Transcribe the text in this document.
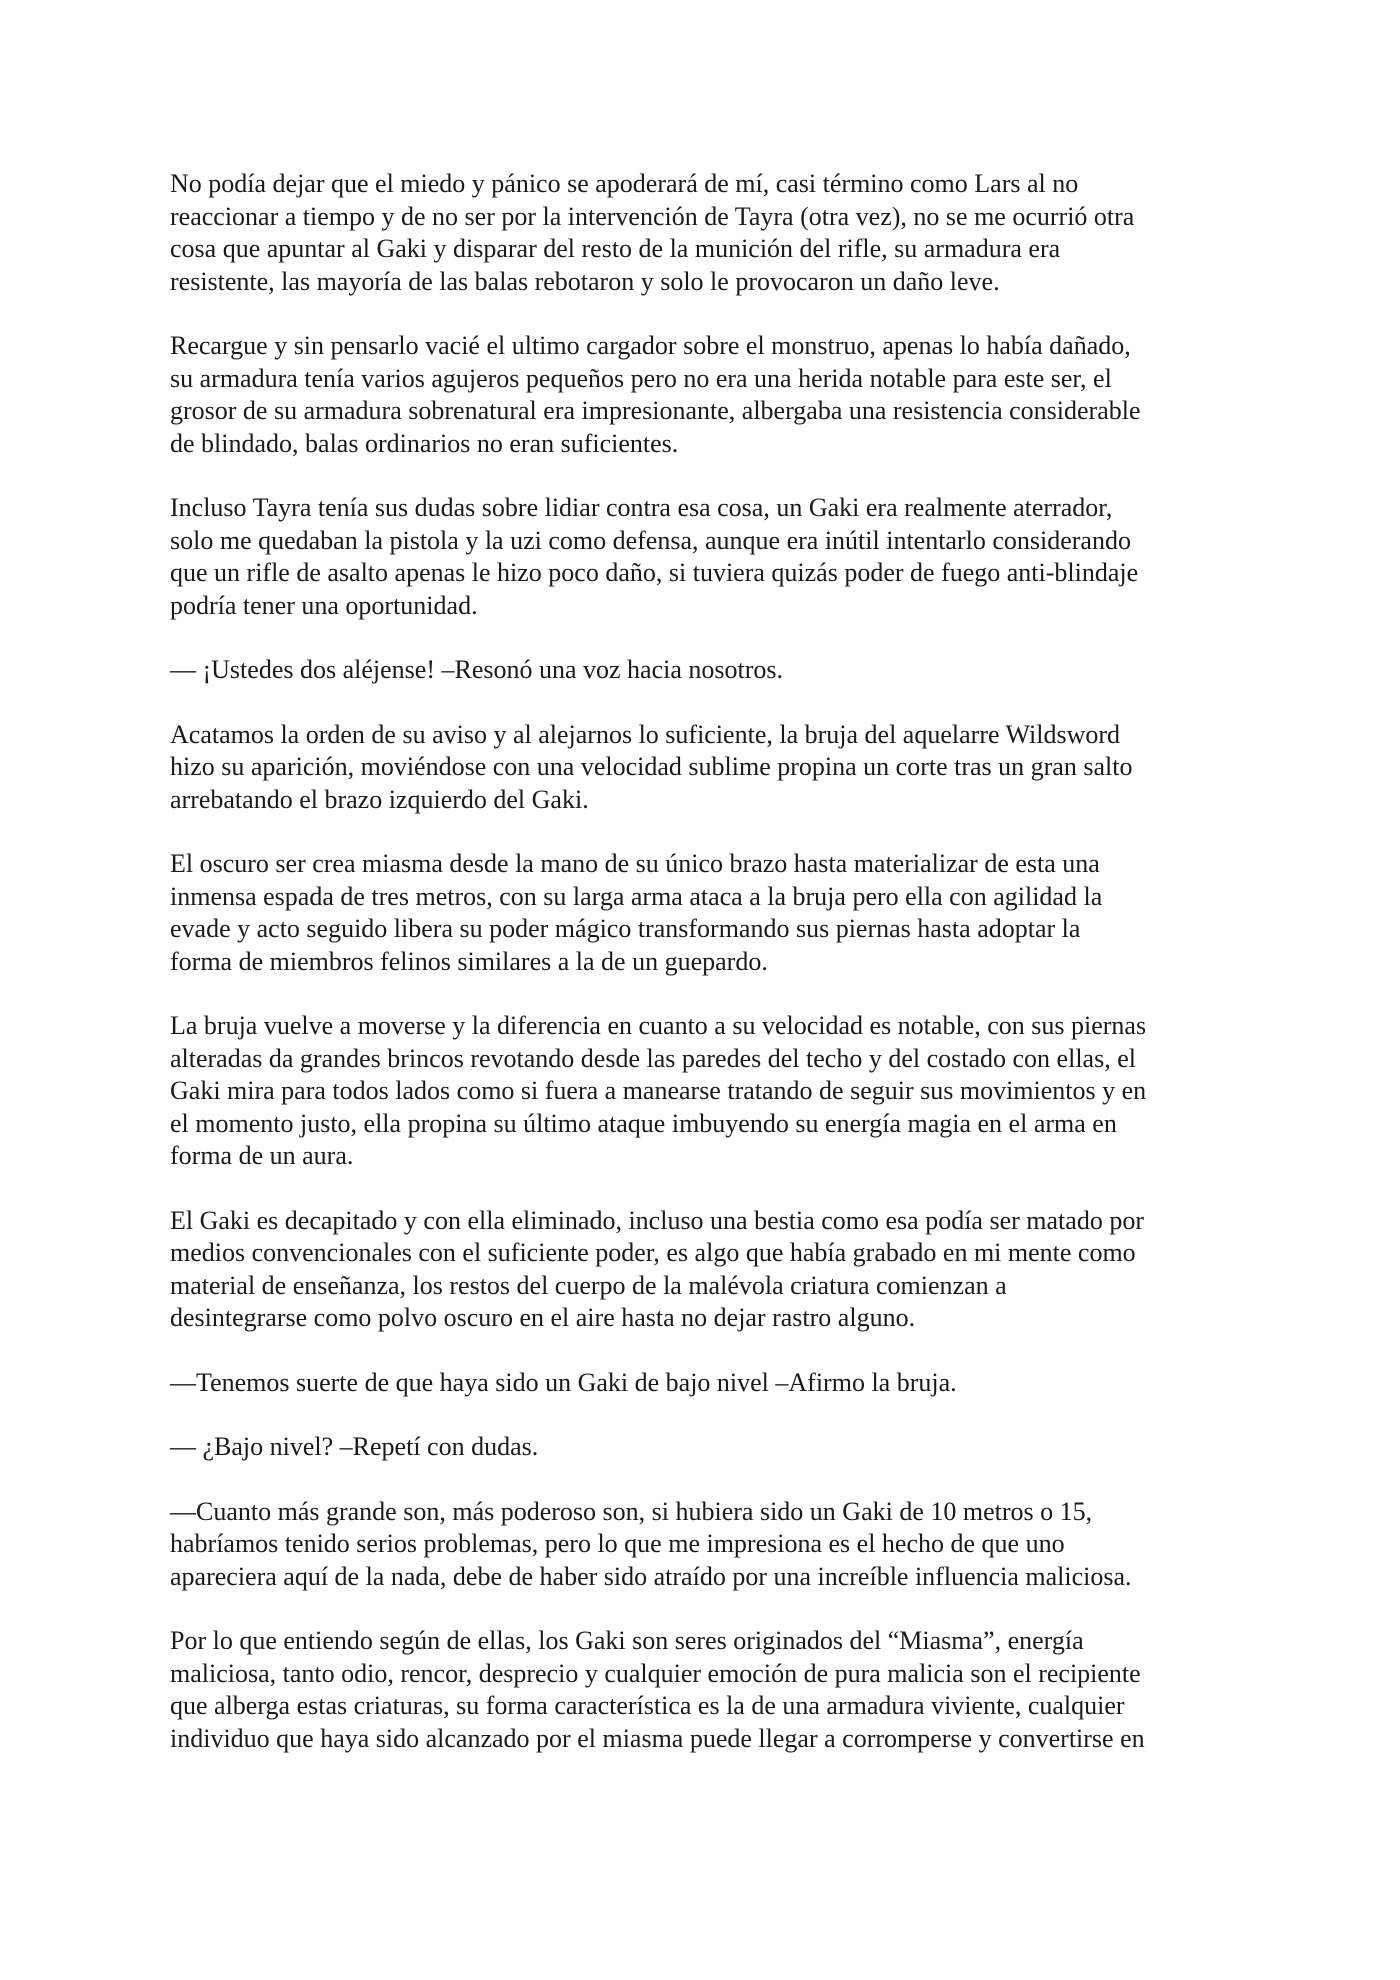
No podía dejar que el miedo y pánico se apoderará de mí, casi término como Lars al no
reaccionar a tiempo y de no ser por la intervención de Tayra (otra vez), no se me ocurrió otra
cosa que apuntar al Gaki y disparar del resto de la munición del rifle, su armadura era
resistente, las mayoría de las balas rebotaron y solo le provocaron un daño leve.

Recargue y sin pensarlo vacié el ultimo cargador sobre el monstruo, apenas lo había dañado,
su armadura tenía varios agujeros pequeños pero no era una herida notable para este ser, el
grosor de su armadura sobrenatural era impresionante, albergaba una resistencia considerable
de blindado, balas ordinarios no eran suficientes.

Incluso Tayra tenía sus dudas sobre lidiar contra esa cosa, un Gaki era realmente aterrador,
solo me quedaban la pistola y la uzi como defensa, aunque era inútil intentarlo considerando
que un rifle de asalto apenas le hizo poco daño, si tuviera quizás poder de fuego anti-blindaje
podría tener una oportunidad.

— ¡Ustedes dos aléjense! –Resonó una voz hacia nosotros.

Acatamos la orden de su aviso y al alejarnos lo suficiente, la bruja del aquelarre Wildsword
hizo su aparición, moviéndose con una velocidad sublime propina un corte tras un gran salto
arrebatando el brazo izquierdo del Gaki.

El oscuro ser crea miasma desde la mano de su único brazo hasta materializar de esta una
inmensa espada de tres metros, con su larga arma ataca a la bruja pero ella con agilidad la
evade y acto seguido libera su poder mágico transformando sus piernas hasta adoptar la
forma de miembros felinos similares a la de un guepardo.

La bruja vuelve a moverse y la diferencia en cuanto a su velocidad es notable, con sus piernas
alteradas da grandes brincos revotando desde las paredes del techo y del costado con ellas, el
Gaki mira para todos lados como si fuera a manearse tratando de seguir sus movimientos y en
el momento justo, ella propina su último ataque imbuyendo su energía magia en el arma en
forma de un aura.

El Gaki es decapitado y con ella eliminado, incluso una bestia como esa podía ser matado por
medios convencionales con el suficiente poder, es algo que había grabado en mi mente como
material de enseñanza, los restos del cuerpo de la malévola criatura comienzan a
desintegrarse como polvo oscuro en el aire hasta no dejar rastro alguno.

—Tenemos suerte de que haya sido un Gaki de bajo nivel –Afirmo la bruja.

— ¿Bajo nivel? –Repetí con dudas.

—Cuanto más grande son, más poderoso son, si hubiera sido un Gaki de 10 metros o 15,
habríamos tenido serios problemas, pero lo que me impresiona es el hecho de que uno
apareciera aquí de la nada, debe de haber sido atraído por una increíble influencia maliciosa.

Por lo que entiendo según de ellas, los Gaki son seres originados del “Miasma”, energía
maliciosa, tanto odio, rencor, desprecio y cualquier emoción de pura malicia son el recipiente
que alberga estas criaturas, su forma característica es la de una armadura viviente, cualquier
individuo que haya sido alcanzado por el miasma puede llegar a corromperse y convertirse en
